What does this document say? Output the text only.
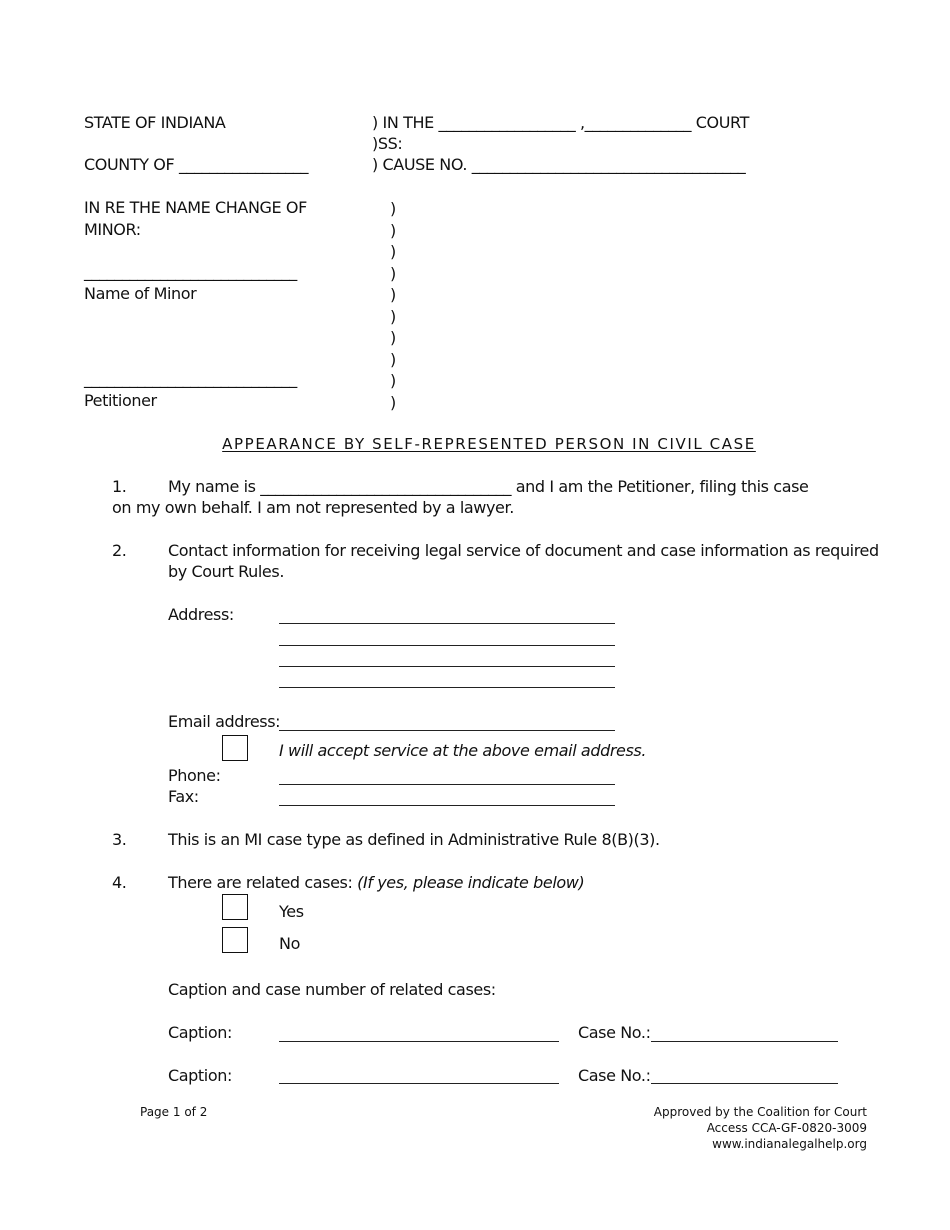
STATE OF INDIANA	) IN THE __________________ ,______________ COURT
)SS:
COUNTY OF _________________	) CAUSE NO. ____________________________________
IN RE THE NAME CHANGE OF
MINOR:
____________________________
Name of Minor
____________________________
Petitioner
)
)
)
)
)
)
)
)
)
)
APPEARANCE BY SELF-REPRESENTED PERSON IN CIVIL CASE
1.	My name is _________________________________ and I am the Petitioner, filing this case
on my own behalf. I am not represented by a lawyer.
2.	Contact information for receiving legal service of document and case information as required
by Court Rules.
Address:
Email address:
I will accept service at the above email address.
Phone:
Fax:
3.	This is an MI case type as defined in Administrative Rule 8(B)(3).
4.	There are related cases: (If yes, please indicate below)
Yes
No
Caption and case number of related cases:
Caption:	Case No.:
Caption:	Case No.:
Page 1 of 2	Approved by the Coalition for Court
Access CCA-GF-0820-3009
www.indianalegalhelp.org
